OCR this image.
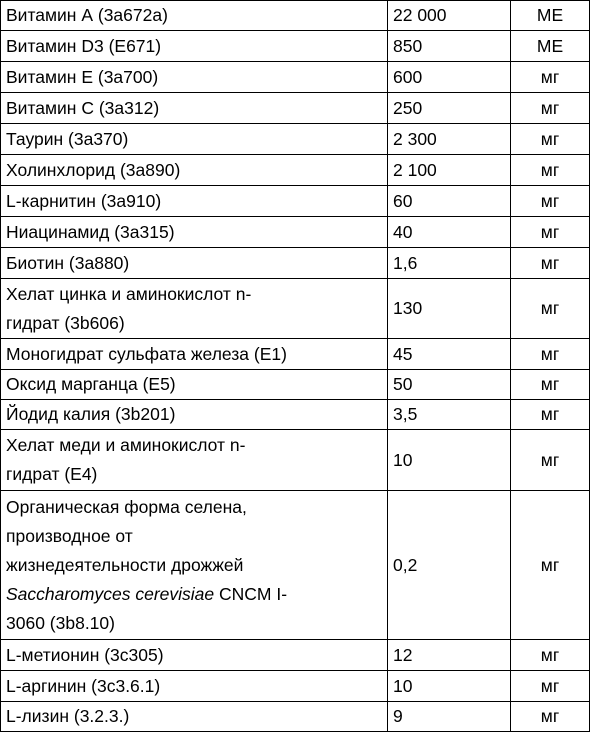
Витамин А (3a672a)	22 000	МЕ
Витамин D3 (E671)	850	МЕ
Витамин Е (3a700)	600	мг
Витамин С (3a312)	250	мг
Таурин (3a370)	2 300	мг
Холинхлорид (3a890)	2 100	мг
L-карнитин (3a910)	60	мг
Ниацинамид (3a315)	40	мг
Биотин (3a880)	1,6	мг
Хелат цинка и аминокислот n-
гидрат (3b606)	130	мг
Моногидрат сульфата железа (E1)	45	мг
Оксид марганца (E5)	50	мг
Йодид калия (3b201)	3,5	мг
Хелат меди и аминокислот n-
гидрат (E4)	10	мг
Органическая форма селена,
производное от
жизнедеятельности дрожжей
Saccharomyces cerevisiae CNCM I-
3060 (3b8.10)	0,2	мг
L-метионин (3c305)	12	мг
L-аргинин (3c3.6.1)	10	мг
L-лизин (3.2.3.)	9	мг
